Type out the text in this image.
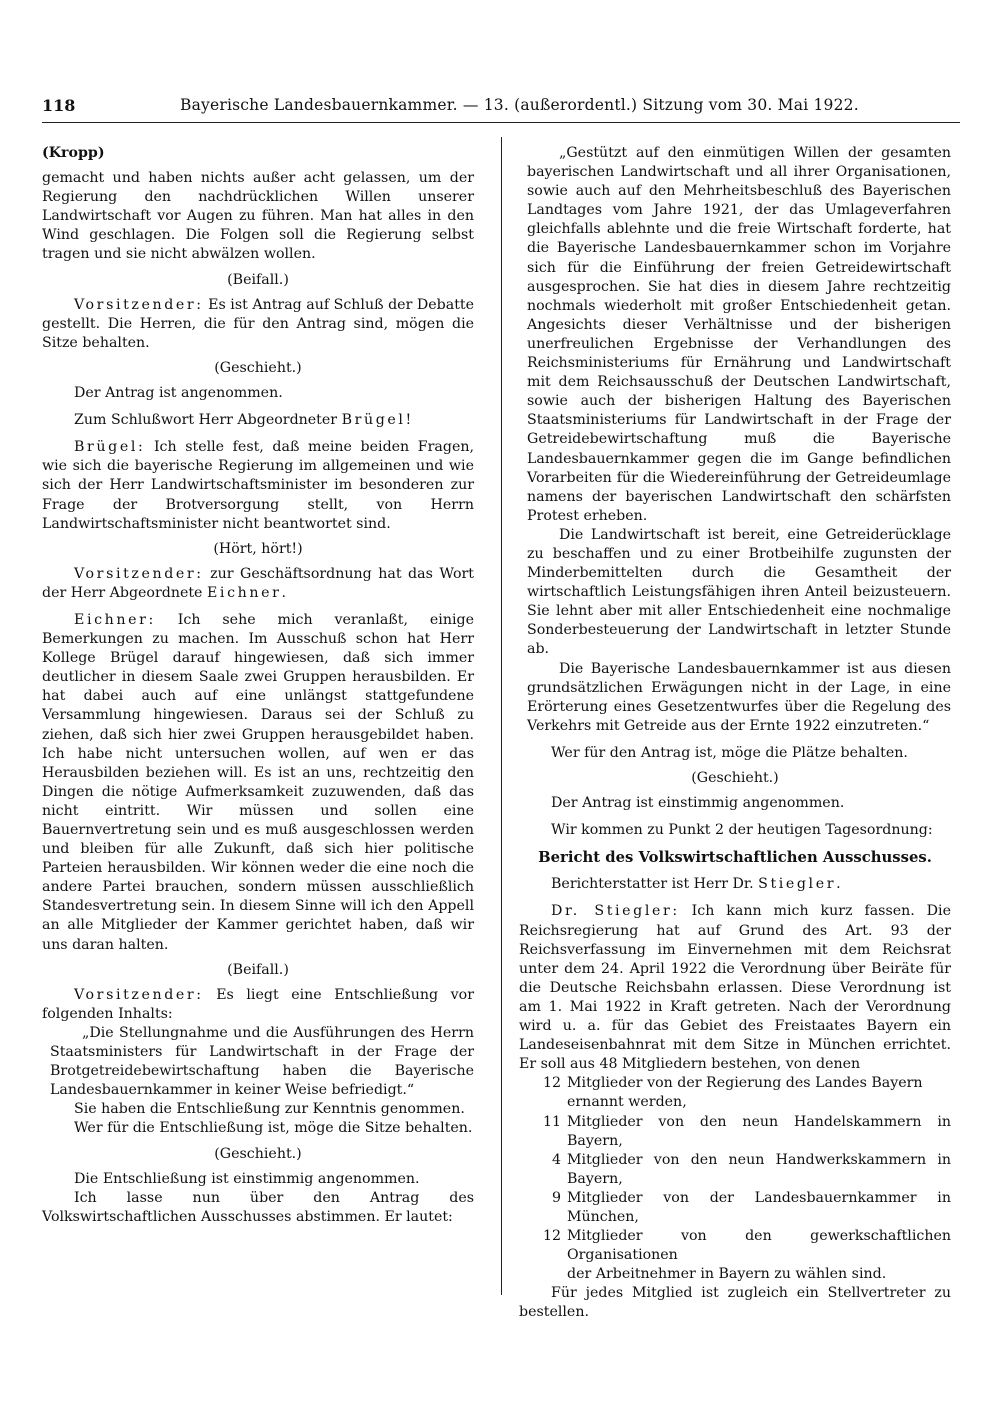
118	Bayerische Landesbauernkammer. — 13. (außerordentl.) Sitzung vom 30. Mai 1922.

(Kropp)

gemacht und haben nichts außer acht gelassen, um der Regierung den nachdrücklichen Willen unserer Landwirtschaft vor Augen zu führen. Man hat alles in den Wind geschlagen. Die Folgen soll die Regierung selbst tragen und sie nicht abwälzen wollen.

(Beifall.)

Vorsitzender: Es ist Antrag auf Schluß der Debatte gestellt. Die Herren, die für den Antrag sind, mögen die Sitze behalten.

(Geschieht.)

Der Antrag ist angenommen.

Zum Schlußwort Herr Abgeordneter Brügel!

Brügel: Ich stelle fest, daß meine beiden Fragen, wie sich die bayerische Regierung im allgemeinen und wie sich der Herr Landwirtschaftsminister im besonderen zur Frage der Brotversorgung stellt, von Herrn Landwirtschaftsminister nicht beantwortet sind.

(Hört, hört!)

Vorsitzender: zur Geschäftsordnung hat das Wort der Herr Abgeordnete Eichner.

Eichner: Ich sehe mich veranlaßt, einige Bemerkungen zu machen. Im Ausschuß schon hat Herr Kollege Brügel darauf hingewiesen, daß sich immer deutlicher in diesem Saale zwei Gruppen herausbilden. Er hat dabei auch auf eine unlängst stattgefundene Versammlung hingewiesen. Daraus sei der Schluß zu ziehen, daß sich hier zwei Gruppen herausgebildet haben. Ich habe nicht untersuchen wollen, auf wen er das Herausbilden beziehen will. Es ist an uns, rechtzeitig den Dingen die nötige Aufmerksamkeit zuzuwenden, daß das nicht eintritt. Wir müssen und sollen eine Bauernvertretung sein und es muß ausgeschlossen werden und bleiben für alle Zukunft, daß sich hier politische Parteien herausbilden. Wir können weder die eine noch die andere Partei brauchen, sondern müssen ausschließlich Standesvertretung sein. In diesem Sinne will ich den Appell an alle Mitglieder der Kammer gerichtet haben, daß wir uns daran halten.

(Beifall.)

Vorsitzender: Es liegt eine Entschließung vor folgenden Inhalts:

„Die Stellungnahme und die Ausführungen des Herrn Staatsministers für Landwirtschaft in der Frage der Brotgetreidebewirtschaftung haben die Bayerische Landesbauernkammer in keiner Weise befriedigt.“

Sie haben die Entschließung zur Kenntnis genommen.

Wer für die Entschließung ist, möge die Sitze behalten.

(Geschieht.)

Die Entschließung ist einstimmig angenommen.

Ich lasse nun über den Antrag des Volkswirtschaftlichen Ausschusses abstimmen. Er lautet:

„Gestützt auf den einmütigen Willen der gesamten bayerischen Landwirtschaft und all ihrer Organisationen, sowie auch auf den Mehrheitsbeschluß des Bayerischen Landtages vom Jahre 1921, der das Umlageverfahren gleichfalls ablehnte und die freie Wirtschaft forderte, hat die Bayerische Landesbauernkammer schon im Vorjahre sich für die Einführung der freien Getreidewirtschaft ausgesprochen. Sie hat dies in diesem Jahre rechtzeitig nochmals wiederholt mit großer Entschiedenheit getan. Angesichts dieser Verhältnisse und der bisherigen unerfreulichen Ergebnisse der Verhandlungen des Reichsministeriums für Ernährung und Landwirtschaft mit dem Reichsausschuß der Deutschen Landwirtschaft, sowie auch der bisherigen Haltung des Bayerischen Staatsministeriums für Landwirtschaft in der Frage der Getreidebewirtschaftung muß die Bayerische Landesbauernkammer gegen die im Gange befindlichen Vorarbeiten für die Wiedereinführung der Getreideumlage namens der bayerischen Landwirtschaft den schärfsten Protest erheben.

Die Landwirtschaft ist bereit, eine Getreiderücklage zu beschaffen und zu einer Brotbeihilfe zugunsten der Minderbemittelten durch die Gesamtheit der wirtschaftlich Leistungsfähigen ihren Anteil beizusteuern. Sie lehnt aber mit aller Entschiedenheit eine nochmalige Sonderbesteuerung der Landwirtschaft in letzter Stunde ab.

Die Bayerische Landesbauernkammer ist aus diesen grundsätzlichen Erwägungen nicht in der Lage, in eine Erörterung eines Gesetzentwurfes über die Regelung des Verkehrs mit Getreide aus der Ernte 1922 einzutreten.“

Wer für den Antrag ist, möge die Plätze behalten.

(Geschieht.)

Der Antrag ist einstimmig angenommen.

Wir kommen zu Punkt 2 der heutigen Tagesordnung:

Bericht des Volkswirtschaftlichen Ausschusses.

Berichterstatter ist Herr Dr. Stiegler.

Dr. Stiegler: Ich kann mich kurz fassen. Die Reichsregierung hat auf Grund des Art. 93 der Reichsverfassung im Einvernehmen mit dem Reichsrat unter dem 24. April 1922 die Verordnung über Beiräte für die Deutsche Reichsbahn erlassen. Diese Verordnung ist am 1. Mai 1922 in Kraft getreten. Nach der Verordnung wird u. a. für das Gebiet des Freistaates Bayern ein Landeseisenbahnrat mit dem Sitze in München errichtet. Er soll aus 48 Mitgliedern bestehen, von denen

12 Mitglieder von der Regierung des Landes Bayern
ernannt werden,
11 Mitglieder von den neun Handelskammern in Bayern,
4 Mitglieder von den neun Handwerkskammern in Bayern,
9 Mitglieder von der Landesbauernkammer in München,
12 Mitglieder von den gewerkschaftlichen Organisationen
der Arbeitnehmer in Bayern zu wählen sind.

Für jedes Mitglied ist zugleich ein Stellvertreter zu bestellen.
